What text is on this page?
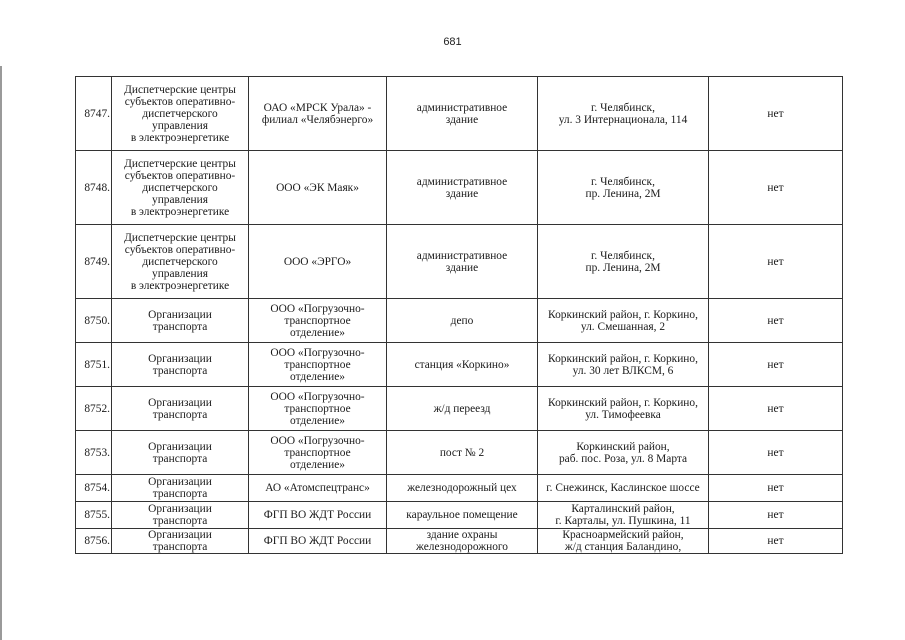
681
8747.	Диспетчерские центры
субъектов оперативно-
диспетчерского
управления
в электроэнергетике	ОАО «МРСК Урала» -
филиал «Челябэнерго»	административное
здание	г. Челябинск,
ул. 3 Интернационала, 114	нет
8748.	Диспетчерские центры
субъектов оперативно-
диспетчерского
управления
в электроэнергетике	ООО «ЭК Маяк»	административное
здание	г. Челябинск,
пр. Ленина, 2М	нет
8749.	Диспетчерские центры
субъектов оперативно-
диспетчерского
управления
в электроэнергетике	ООО «ЭРГО»	административное
здание	г. Челябинск,
пр. Ленина, 2М	нет
8750.	Организации
транспорта	ООО «Погрузочно-
транспортное
отделение»	депо	Коркинский район, г. Коркино,
ул. Смешанная, 2	нет
8751.	Организации
транспорта	ООО «Погрузочно-
транспортное
отделение»	станция «Коркино»	Коркинский район, г. Коркино,
ул. 30 лет ВЛКСМ, 6	нет
8752.	Организации
транспорта	ООО «Погрузочно-
транспортное
отделение»	ж/д переезд	Коркинский район, г. Коркино,
ул. Тимофеевка	нет
8753.	Организации
транспорта	ООО «Погрузочно-
транспортное
отделение»	пост № 2	Коркинский район,
раб. пос. Роза, ул. 8 Марта	нет
8754.	Организации
транспорта	АО «Атомспецтранс»	железнодорожный цех	г. Снежинск, Каслинское шоссе	нет
8755.	Организации
транспорта	ФГП ВО ЖДТ России	караульное помещение	Карталинский район,
г. Карталы, ул. Пушкина, 11	нет
8756.	Организации
транспорта	ФГП ВО ЖДТ России	здание охраны
железнодорожного	Красноармейский район,
ж/д станция Баландино,	нет
